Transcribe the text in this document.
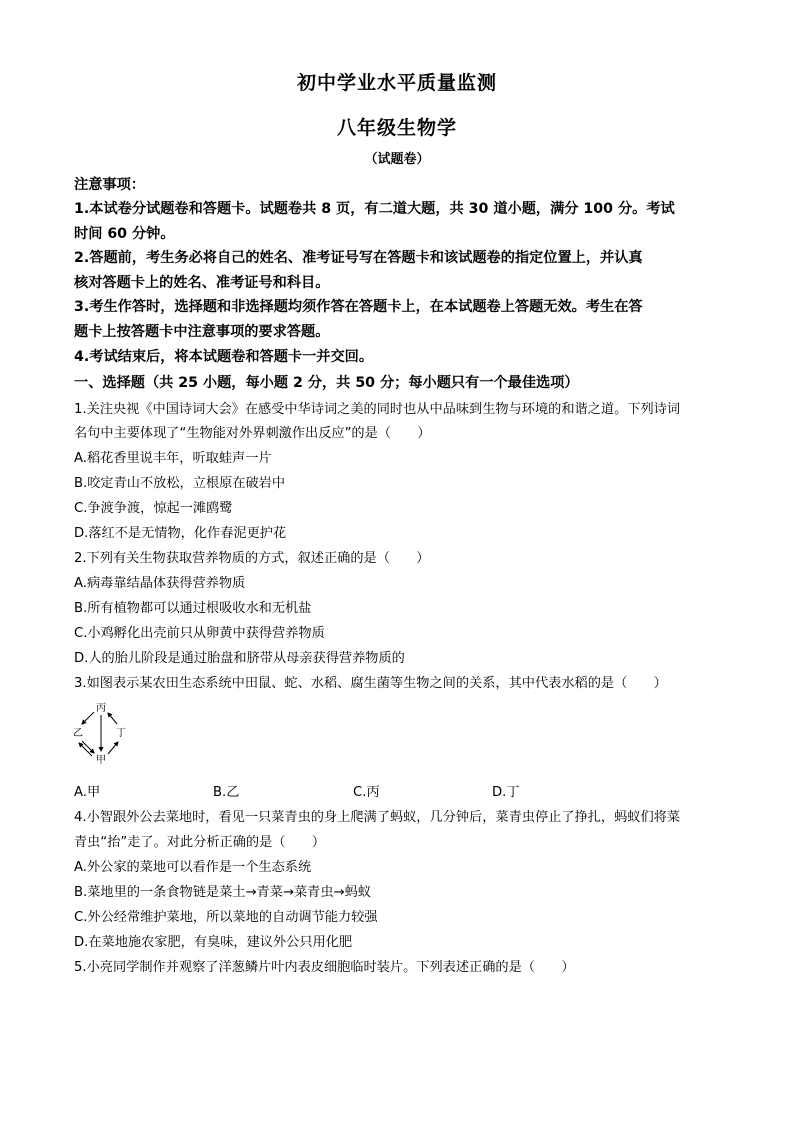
初中学业水平质量监测
八年级生物学
（试题卷）
注意事项：
1.本试卷分试题卷和答题卡。试题卷共 8 页，有二道大题，共 30 道小题，满分 100 分。考试
时间 60 分钟。
2.答题前，考生务必将自己的姓名、准考证号写在答题卡和该试题卷的指定位置上，并认真
核对答题卡上的姓名、准考证号和科目。
3.考生作答时，选择题和非选择题均须作答在答题卡上，在本试题卷上答题无效。考生在答
题卡上按答题卡中注意事项的要求答题。
4.考试结束后，将本试题卷和答题卡一并交回。
一、选择题（共 25 小题，每小题 2 分，共 50 分；每小题只有一个最佳选项）
1.关注央视《中国诗词大会》在感受中华诗词之美的同时也从中品味到生物与环境的和谐之道。下列诗词
名句中主要体现了“生物能对外界刺激作出反应”的是（　　）
A.稻花香里说丰年，听取蛙声一片
B.咬定青山不放松，立根原在破岩中
C.争渡争渡，惊起一滩鸥鹭
D.落红不是无情物，化作春泥更护花
2.下列有关生物获取营养物质的方式，叙述正确的是（　　）
A.病毒靠结晶体获得营养物质
B.所有植物都可以通过根吸收水和无机盐
C.小鸡孵化出壳前只从卵黄中获得营养物质
D.人的胎儿阶段是通过胎盘和脐带从母亲获得营养物质的
3.如图表示某农田生态系统中田鼠、蛇、水稻、腐生菌等生物之间的关系，其中代表水稻的是（　　）
丙
乙	丁
甲
A.甲	B.乙	C.丙	D.丁
4.小智跟外公去菜地时，看见一只菜青虫的身上爬满了蚂蚁，几分钟后，菜青虫停止了挣扎，蚂蚁们将菜
青虫“抬”走了。对此分析正确的是（　　）
A.外公家的菜地可以看作是一个生态系统
B.菜地里的一条食物链是菜土→青菜→菜青虫→蚂蚁
C.外公经常维护菜地，所以菜地的自动调节能力较强
D.在菜地施农家肥，有臭味，建议外公只用化肥
5.小亮同学制作并观察了洋葱鳞片叶内表皮细胞临时装片。下列表述正确的是（　　）
